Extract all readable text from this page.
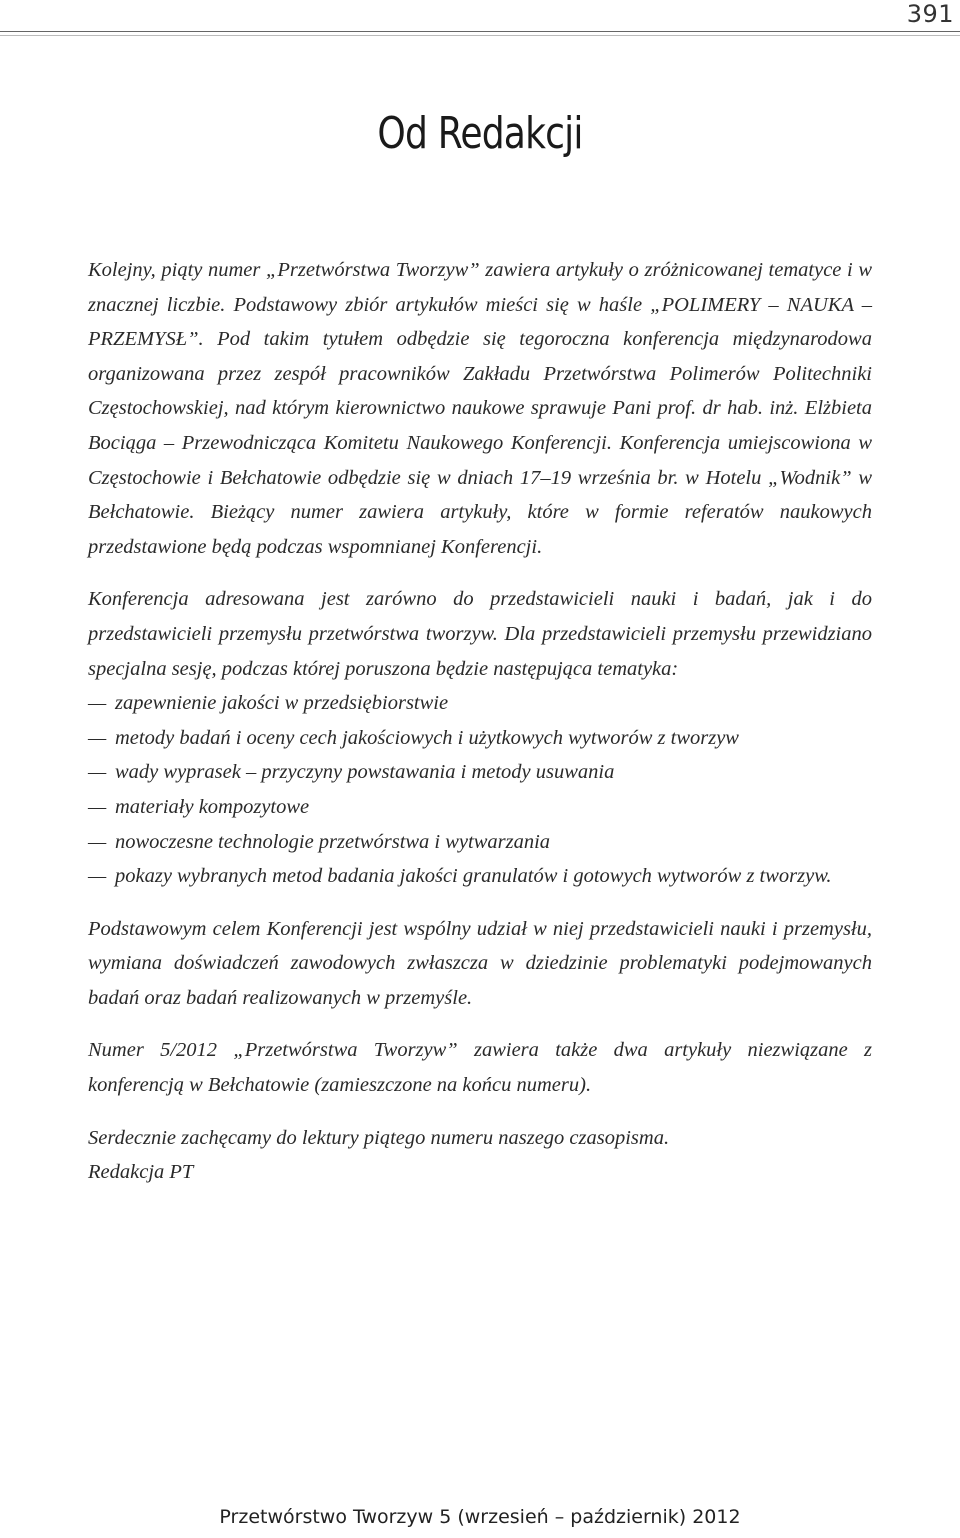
391
Od Redakcji

Kolejny, piąty numer „Przetwórstwa Tworzyw” zawiera artykuły o zróżnicowanej tematyce i w znacznej liczbie. Podstawowy zbiór artykułów mieści się w haśle „POLIMERY – NAUKA – PRZEMYSŁ”. Pod takim tytułem odbędzie się tegoroczna konferencja międzynarodowa organizowana przez zespół pracowników Zakładu Przetwórstwa Polimerów Politechniki Częstochowskiej, nad którym kierownictwo naukowe sprawuje Pani prof. dr hab. inż. Elżbieta Bociąga – Przewodnicząca Komitetu Naukowego Konferencji. Konferencja umiejscowiona w Częstochowie i Bełchatowie odbędzie się w dniach 17–19 września br. w Hotelu „Wodnik” w Bełchatowie. Bieżący numer zawiera artykuły, które w formie referatów naukowych przedstawione będą podczas wspomnianej Konferencji.

Konferencja adresowana jest zarówno do przedstawicieli nauki i badań, jak i do przedstawicieli przemysłu przetwórstwa tworzyw. Dla przedstawicieli przemysłu przewidziano specjalna sesję, podczas której poruszona będzie następująca tematyka:

— zapewnienie jakości w przedsiębiorstwie
— metody badań i oceny cech jakościowych i użytkowych wytworów z tworzyw
— wady wyprasek – przyczyny powstawania i metody usuwania
— materiały kompozytowe
— nowoczesne technologie przetwórstwa i wytwarzania
— pokazy wybranych metod badania jakości granulatów i gotowych wytworów z tworzyw.

Podstawowym celem Konferencji jest wspólny udział w niej przedstawicieli nauki i przemysłu, wymiana doświadczeń zawodowych zwłaszcza w dziedzinie problematyki podejmowanych badań oraz badań realizowanych w przemyśle.

Numer 5/2012 „Przetwórstwa Tworzyw” zawiera także dwa artykuły niezwiązane z konferencją w Bełchatowie (zamieszczone na końcu numeru).

Serdecznie zachęcamy do lektury piątego numeru naszego czasopisma.

Redakcja PT

Przetwórstwo Tworzyw 5 (wrzesień – październik) 2012
